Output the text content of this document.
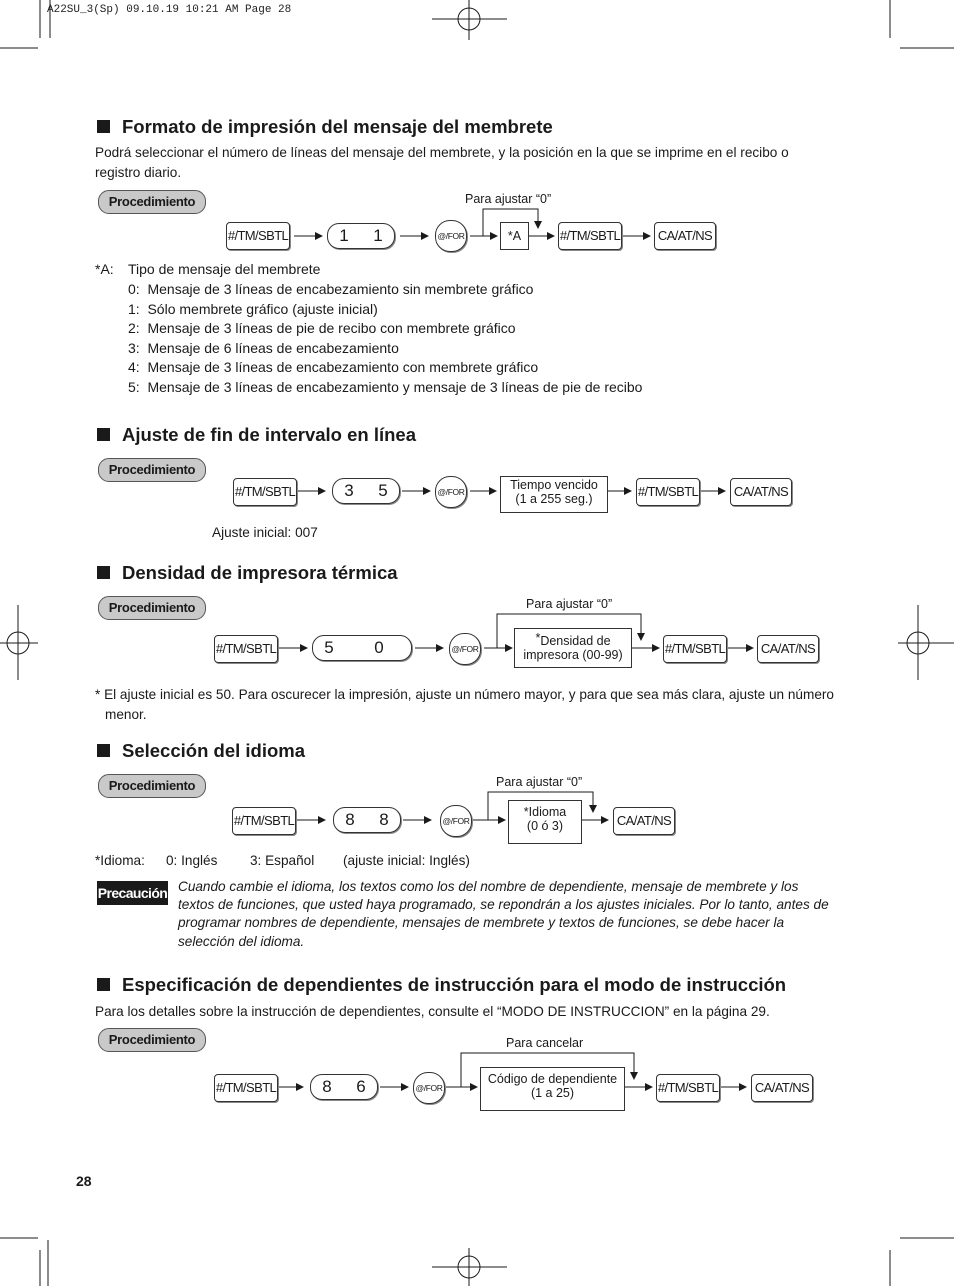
A22SU_3(Sp) 09.10.19 10:21 AM Page 28
Formato de impresión del mensaje del membrete
Podrá seleccionar el número de líneas del mensaje del membrete, y la posición en la que se imprime en el recibo o registro diario.
Procedimiento	Para ajustar “0”
#/TM/SBTL	1	1	@/FOR	*A	#/TM/SBTL	CA/AT/NS
*A: Tipo de mensaje del membrete
0: Mensaje de 3 líneas de encabezamiento sin membrete gráfico
1: Sólo membrete gráfico (ajuste inicial)
2: Mensaje de 3 líneas de pie de recibo con membrete gráfico
3: Mensaje de 6 líneas de encabezamiento
4: Mensaje de 3 líneas de encabezamiento con membrete gráfico
5: Mensaje de 3 líneas de encabezamiento y mensaje de 3 líneas de pie de recibo
Ajuste de fin de intervalo en línea
Procedimiento
#/TM/SBTL	3	5	@/FOR	Tiempo vencido
(1 a 255 seg.)	#/TM/SBTL	CA/AT/NS
Ajuste inicial: 007
Densidad de impresora térmica
Procedimiento	Para ajustar “0”
#/TM/SBTL	5	0	@/FOR
*Densidad de
impresora (00-99)	#/TM/SBTL	CA/AT/NS
* El ajuste inicial es 50. Para oscurecer la impresión, ajuste un número mayor, y para que sea más clara, ajuste un número menor.
Selección del idioma
Procedimiento	Para ajustar “0”
#/TM/SBTL	8	8	@/FOR
*Idioma
(0 ó 3)	CA/AT/NS
*Idioma: 0: Inglés 3: Español (ajuste inicial: Inglés)
Precaución Cuando cambie el idioma, los textos como los del nombre de dependiente, mensaje de membrete y los textos de funciones, que usted haya programado, se repondrán a los ajustes iniciales. Por lo tanto, antes de programar nombres de dependiente, mensajes de membrete y textos de funciones, se debe hacer la selección del idioma.
Especificación de dependientes de instrucción para el modo de instrucción
Para los detalles sobre la instrucción de dependientes, consulte el “MODO DE INSTRUCCION” en la página 29.
Procedimiento	Para cancelar
#/TM/SBTL	8	6	@/FOR
Código de dependiente
(1 a 25)	#/TM/SBTL	CA/AT/NS
28
